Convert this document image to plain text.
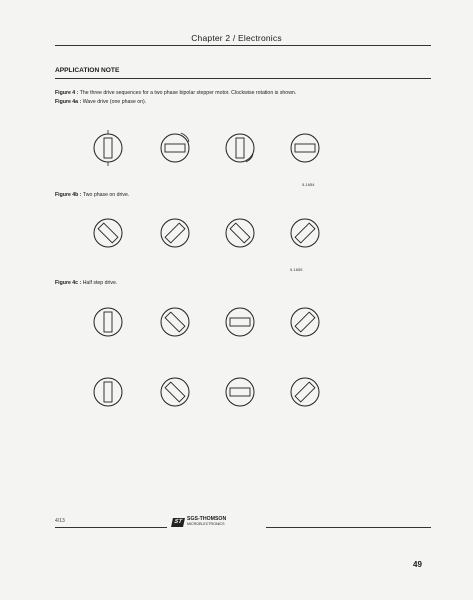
Chapter 2 / Electronics
APPLICATION NOTE
Figure 4 : The three drive sequences for a two phase bipolar stepper motor. Clockwise rotation is shown.
Figure 4a : Wave drive (one phase on).
5-1654
Figure 4b : Two phase on drive.
5-1655
Figure 4c : Half step drive.
4/13	ST SGS-THOMSON
MICROELECTRONICS
49
